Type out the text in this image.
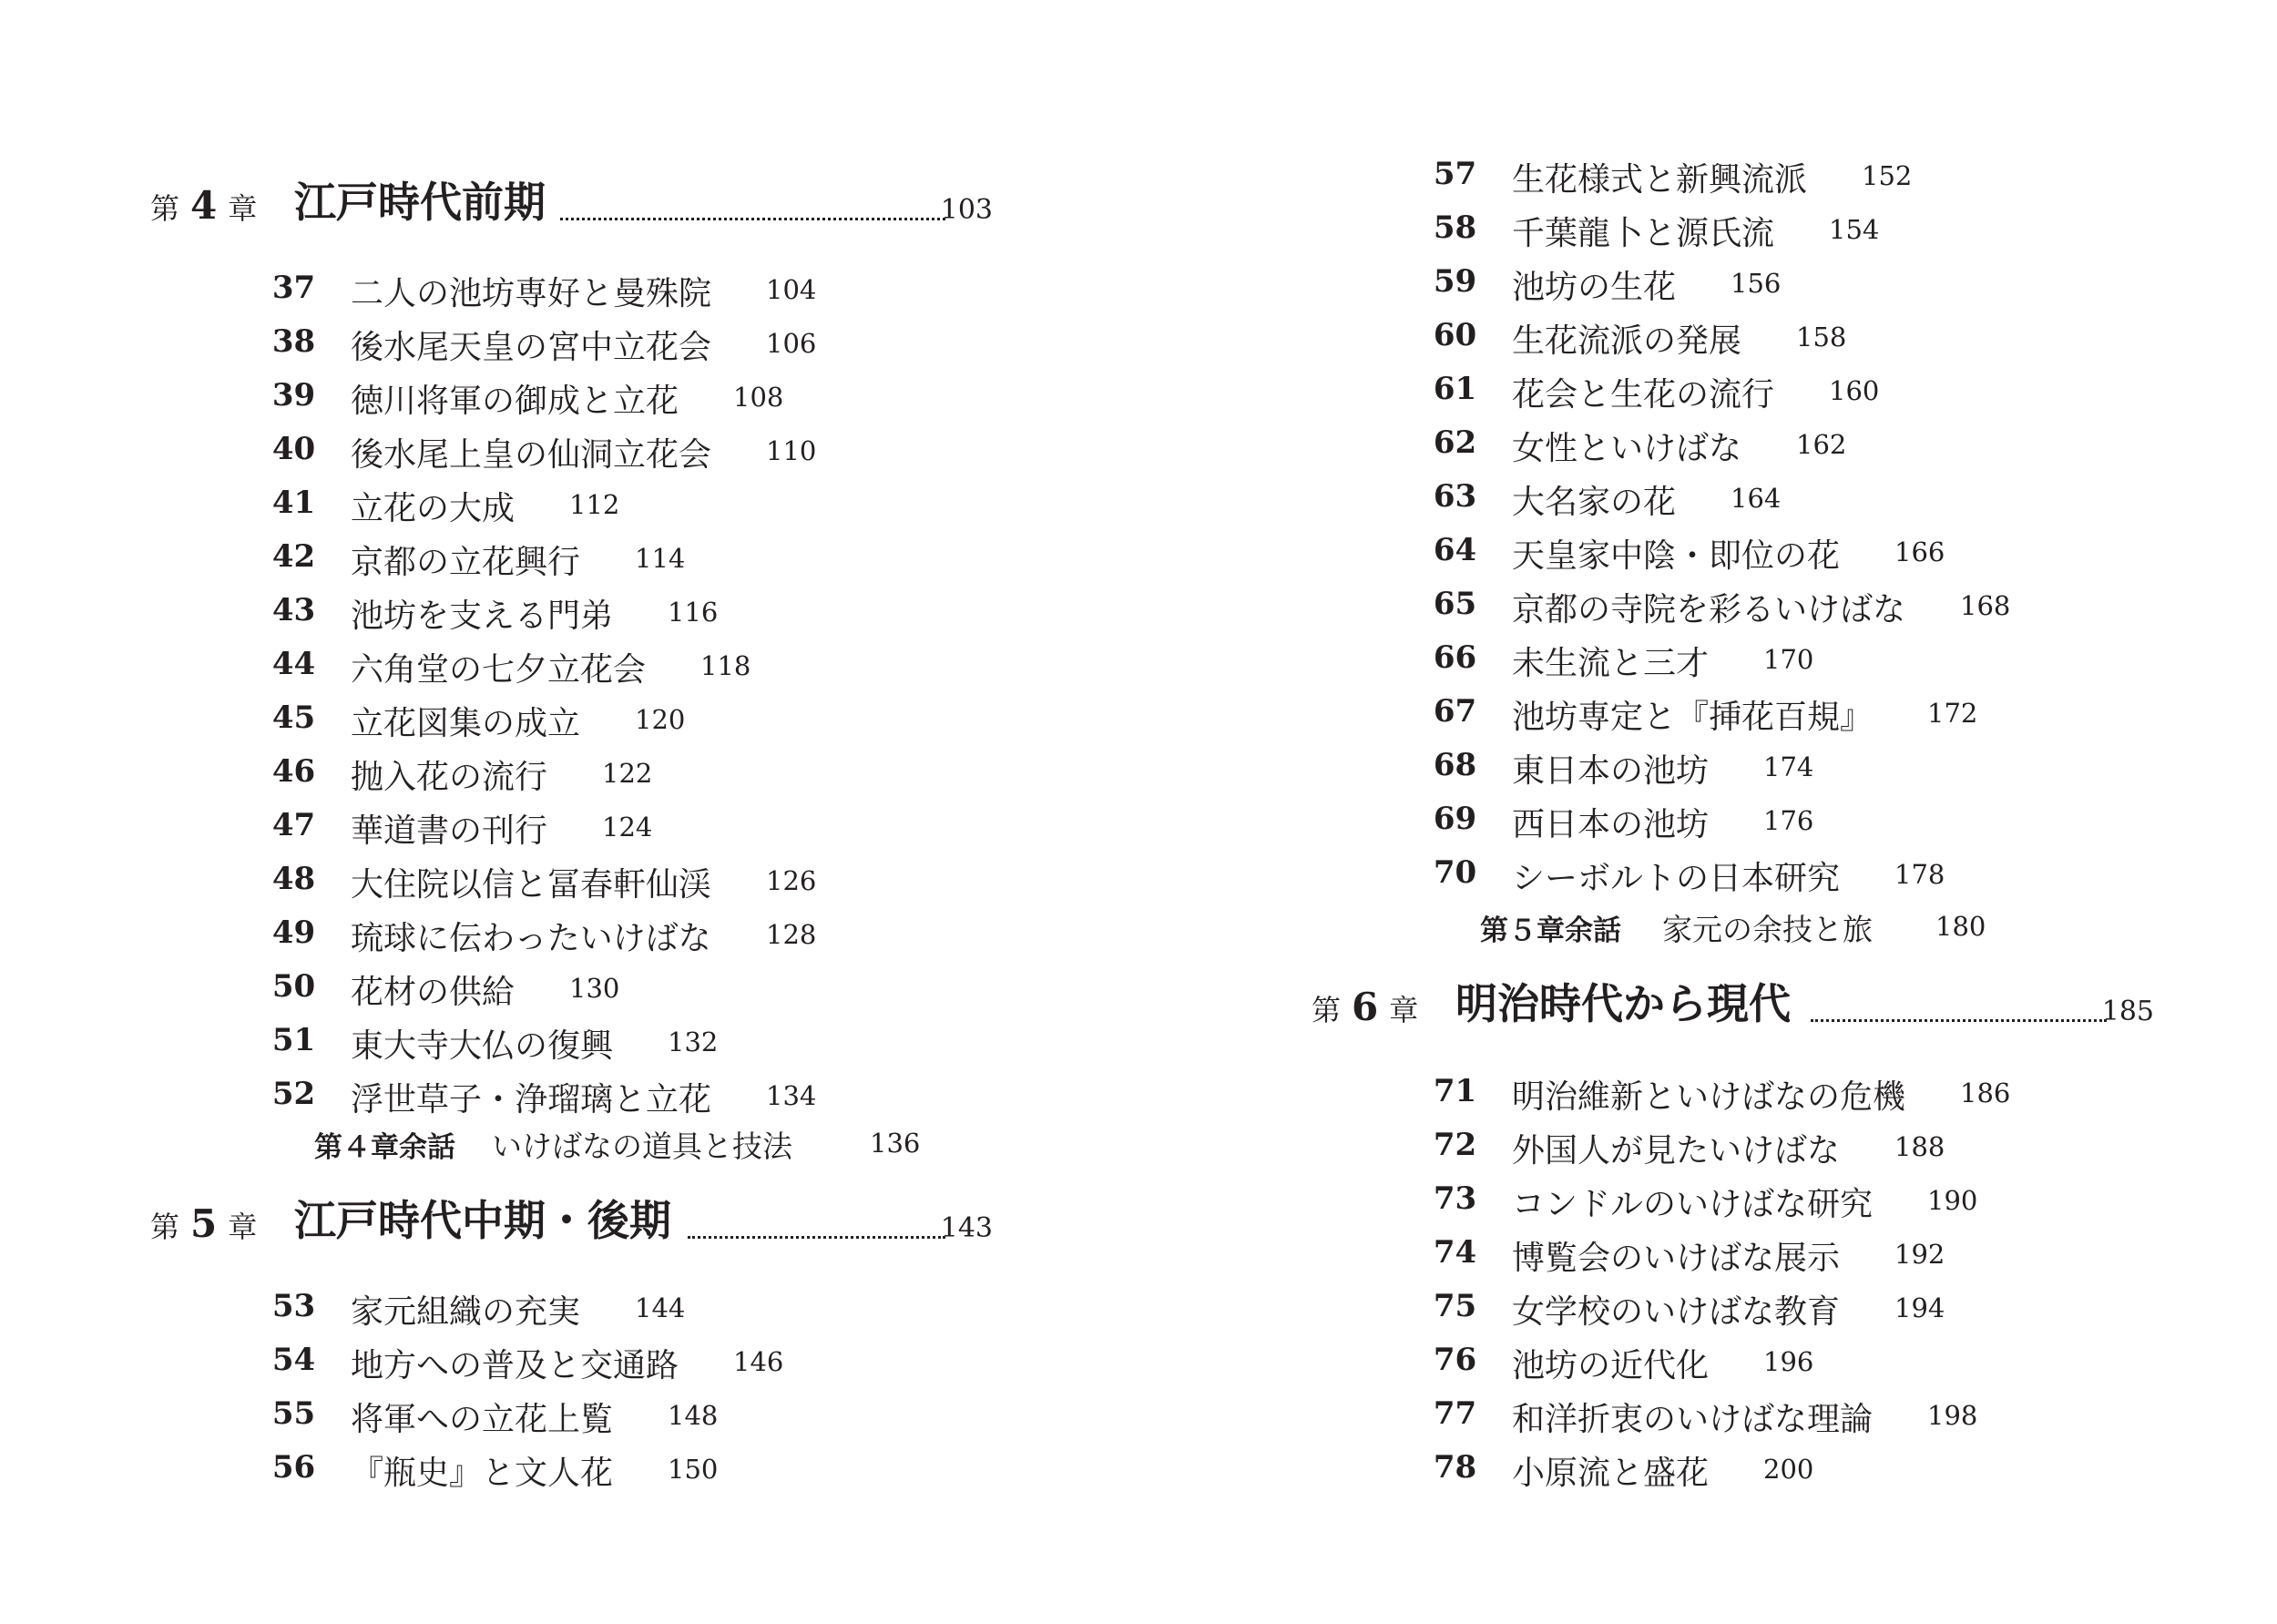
第 4 章 江戸時代前期	103
37 二人の池坊専好と曼殊院 104
38 後水尾天皇の宮中立花会 106
39 徳川将軍の御成と立花 108
40 後水尾上皇の仙洞立花会 110
41 立花の大成 112
42 京都の立花興行 114
43 池坊を支える門弟 116
44 六角堂の七夕立花会 118
45 立花図集の成立 120
46 抛入花の流行 122
47 華道書の刊行 124
48 大住院以信と冨春軒仙渓 126
49 琉球に伝わったいけばな 128
50 花材の供給 130
51 東大寺大仏の復興 132
52 浮世草子・浄瑠璃と立花 134
第４章余話 いけばなの道具と技法	136
第 5 章 江戸時代中期・後期	143
53 家元組織の充実 144
54 地方への普及と交通路 146
55 将軍への立花上覧 148
56 『瓶史』と文人花 150
57 生花様式と新興流派 152
58 千葉龍卜と源氏流 154
59 池坊の生花 156
60 生花流派の発展 158
61 花会と生花の流行 160
62 女性といけばな 162
63 大名家の花 164
64 天皇家中陰・即位の花 166
65 京都の寺院を彩るいけばな 168
66 未生流と三才 170
67 池坊専定と『挿花百規』 172
68 東日本の池坊 174
69 西日本の池坊 176
70 シーボルトの日本研究 178
第５章余話 家元の余技と旅 180
第 6 章 明治時代から現代	185
71 明治維新といけばなの危機 186
72 外国人が見たいけばな 188
73 コンドルのいけばな研究 190
74 博覧会のいけばな展示 192
75 女学校のいけばな教育 194
76 池坊の近代化 196
77 和洋折衷のいけばな理論 198
78 小原流と盛花 200
